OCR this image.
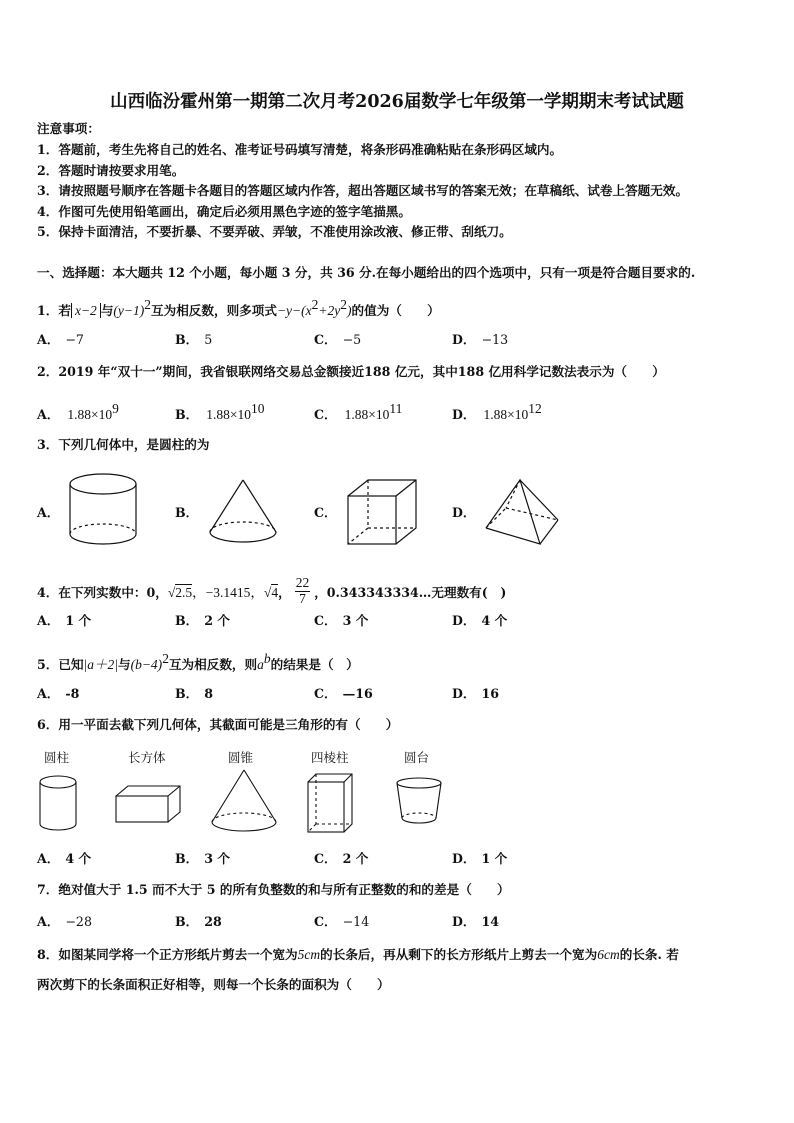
山西临汾霍州第一期第二次月考2026届数学七年级第一学期期末考试试题
注意事项：
1．答题前，考生先将自己的姓名、准考证号码填写清楚，将条形码准确粘贴在条形码区域内。
2．答题时请按要求用笔。
3．请按照题号顺序在答题卡各题目的答题区域内作答，超出答题区域书写的答案无效；在草稿纸、试卷上答题无效。
4．作图可先使用铅笔画出，确定后必须用黑色字迹的签字笔描黑。
5．保持卡面清洁，不要折暴、不要弄破、弄皱，不准使用涂改液、修正带、刮纸刀。
一、选择题：本大题共 12 个小题，每小题 3 分，共 36 分.在每小题给出的四个选项中，只有一项是符合题目要求的.
1．若 x−2 与$(y-1)^2$互为相反数，则多项式$-y-(x^2+2y^2)$的值为（　　）
A． −7	B． 5	C． −5	D． −13
2．2019 年“双十一”期间，我省银联网络交易总金额接近188 亿元，其中188 亿用科学记数法表示为（　　）
A． $1.88\times 10^9$	B． $1.88\times 10^{10}$	C． $1.88\times 10^{11}$	D． $1.88\times 10^{12}$
3．下列几何体中，是圆柱的为
A．	B．	C．	D．
4．在下列实数中：0，√2.5，−3.1415，√4， $\frac{22}{7}$ ，0.343343334…无理数有(　)
A． 1 个	B． 2 个	C． 3 个	D． 4 个
5．已知|a＋2|与$(b-4)^2$互为相反数，则$a^b$的结果是（　）
A． -8	B． 8	C． —16	D． 16
6．用一平面去截下列几何体，其截面可能是三角形的有（　　）
圆柱	长方体	圆锥	四棱柱	圆台
A． 4 个	B． 3 个	C． 2 个	D． 1 个
7．绝对值大于 1.5 而不大于 5 的所有负整数的和与所有正整数的和的差是（　　）
A． −28	B． 28	C． −14	D． 14
8．如图某同学将一个正方形纸片剪去一个宽为5cm的长条后，再从剩下的长方形纸片上剪去一个宽为6cm的长条. 若
两次剪下的长条面积正好相等，则每一个长条的面积为（　　）
